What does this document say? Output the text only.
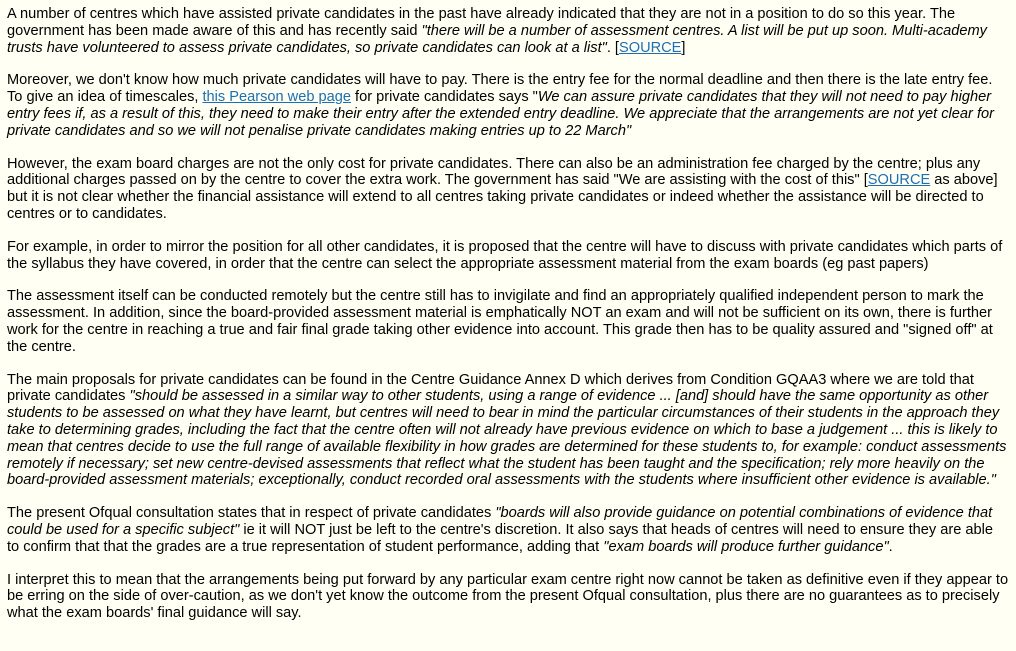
A number of centres which have assisted private candidates in the past have already indicated that they are not in a position to do so this year. The government has been made aware of this and has recently said "there will be a number of assessment centres. A list will be put up soon. Multi-academy trusts have volunteered to assess private candidates, so private candidates can look at a list". [SOURCE]

Moreover, we don't know how much private candidates will have to pay. There is the entry fee for the normal deadline and then there is the late entry fee. To give an idea of timescales, this Pearson web page for private candidates says "We can assure private candidates that they will not need to pay higher entry fees if, as a result of this, they need to make their entry after the extended entry deadline. We appreciate that the arrangements are not yet clear for private candidates and so we will not penalise private candidates making entries up to 22 March"

However, the exam board charges are not the only cost for private candidates. There can also be an administration fee charged by the centre; plus any additional charges passed on by the centre to cover the extra work. The government has said "We are assisting with the cost of this" [SOURCE as above] but it is not clear whether the financial assistance will extend to all centres taking private candidates or indeed whether the assistance will be directed to centres or to candidates.

For example, in order to mirror the position for all other candidates, it is proposed that the centre will have to discuss with private candidates which parts of the syllabus they have covered, in order that the centre can select the appropriate assessment material from the exam boards (eg past papers)

The assessment itself can be conducted remotely but the centre still has to invigilate and find an appropriately qualified independent person to mark the assessment. In addition, since the board-provided assessment material is emphatically NOT an exam and will not be sufficient on its own, there is further work for the centre in reaching a true and fair final grade taking other evidence into account. This grade then has to be quality assured and "signed off" at the centre.

The main proposals for private candidates can be found in the Centre Guidance Annex D which derives from Condition GQAA3 where we are told that private candidates "should be assessed in a similar way to other students, using a range of evidence ... [and] should have the same opportunity as other students to be assessed on what they have learnt, but centres will need to bear in mind the particular circumstances of their students in the approach they take to determining grades, including the fact that the centre often will not already have previous evidence on which to base a judgement ... this is likely to mean that centres decide to use the full range of available flexibility in how grades are determined for these students to, for example: conduct assessments remotely if necessary; set new centre-devised assessments that reflect what the student has been taught and the specification; rely more heavily on the board-provided assessment materials; exceptionally, conduct recorded oral assessments with the students where insufficient other evidence is available."

The present Ofqual consultation states that in respect of private candidates "boards will also provide guidance on potential combinations of evidence that could be used for a specific subject" ie it will NOT just be left to the centre's discretion. It also says that heads of centres will need to ensure they are able to confirm that that the grades are a true representation of student performance, adding that "exam boards will produce further guidance".

I interpret this to mean that the arrangements being put forward by any particular exam centre right now cannot be taken as definitive even if they appear to be erring on the side of over-caution, as we don't yet know the outcome from the present Ofqual consultation, plus there are no guarantees as to precisely what the exam boards' final guidance will say.
